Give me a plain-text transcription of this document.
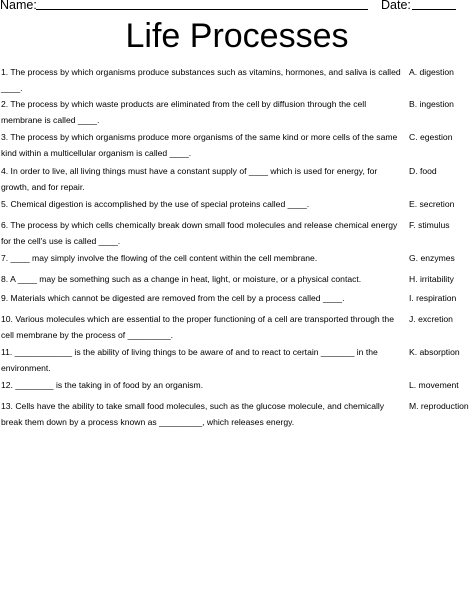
Name:	Date:
Life Processes
1. The process by which organisms produce substances such as vitamins, hormones, and saliva is called ____.
2. The process by which waste products are eliminated from the cell by diffusion through the cell membrane is called ____.
3. The process by which organisms produce more organisms of the same kind or more cells of the same kind within a multicellular organism is called ____.
4. In order to live, all living things must have a constant supply of ____ which is used for energy, for growth, and for repair.
5. Chemical digestion is accomplished by the use of special proteins called ____.
6. The process by which cells chemically break down small food molecules and release chemical energy for the cell's use is called ____.
7. ____ may simply involve the flowing of the cell content within the cell membrane.
8. A ____ may be something such as a change in heat, light, or moisture, or a physical contact.
9. Materials which cannot be digested are removed from the cell by a process called ____.
10. Various molecules which are essential to the proper functioning of a cell are transported through the cell membrane by the process of _________.
11. ____________ is the ability of living things to be aware of and to react to certain _______ in the environment.
12. ________ is the taking in of food by an organism.
13. Cells have the ability to take small food molecules, such as the glucose molecule, and chemically break them down by a process known as _________, which releases energy.
A. digestion
B. ingestion
C. egestion
D. food
E. secretion
F. stimulus
G. enzymes
H. irritability
I. respiration
J. excretion
K. absorption
L. movement
M. reproduction
